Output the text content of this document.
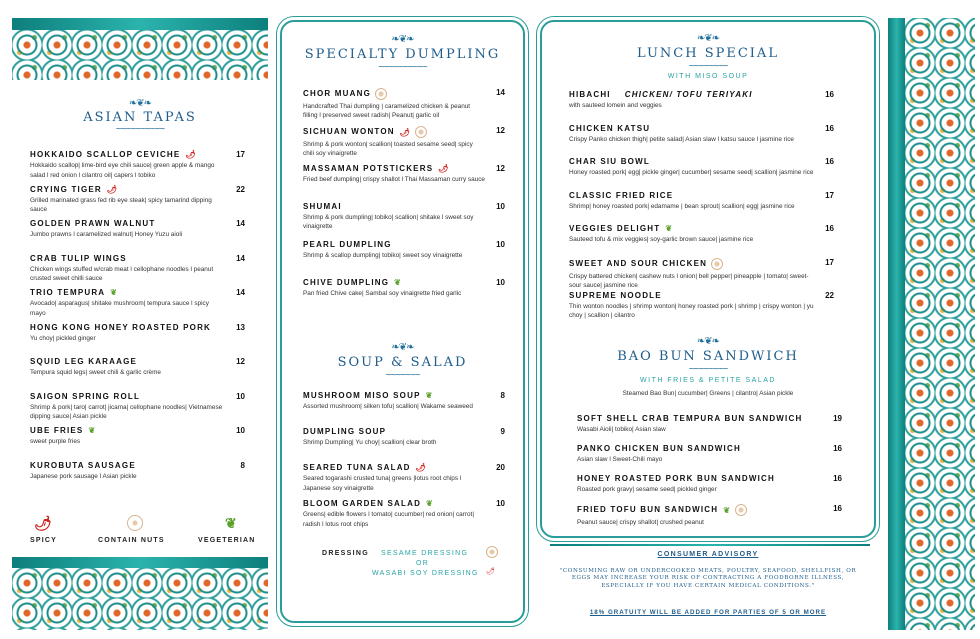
❧❦❧
ASIAN TAPAS
~~~~~~~~~~
HOKKAIDO SCALLOP CEVICHE 🌶	17
Hokkaido scallop| lime-bird eye chili sauce| green apple & mango salad l red onion l cilantro oil| capers l tobiko
CRYING TIGER 🌶	22
Grilled marinated grass fed rib eye steak| spicy tamarind dipping sauce
GOLDEN PRAWN WALNUT	14
Jumbo prawns l caramelized walnut| Honey Yuzu aioli
CRAB TULIP WINGS	14
Chicken wings stuffed w/crab meat l cellophane noodles l peanut crusted sweet chilli sauce
TRIO TEMPURA ❦	14
Avocado| asparagus| shitake mushroom| tempura sauce l spicy mayo
HONG KONG HONEY ROASTED PORK	13
Yu choy| pickled ginger
SQUID LEG KARAAGE	12
Tempura squid legs| sweet chili & garlic crème
SAIGON SPRING ROLL	10
Shrimp & pork| taro| carrot| jicama| cellophane noodles| Vietnamese dipping sauce| Asian pickle
UBE FRIES ❦	10
sweet purple fries
KUROBUTA SAUSAGE	8
Japanese pork sausage l Asian pickle
🌶
SPICY	CONTAIN NUTS
❦
VEGETERIAN
❧❦❧
SPECIALTY DUMPLING
~~~~~~~~~~
CHOR MUANG	14
Handcrafted Thai dumpling | caramelized chicken & peanut filling l preserved sweet radish| Peanut| garlic oil
SICHUAN WONTON 🌶	12
Shrimp & pork wonton| scallion| toasted sesame seed| spicy chili soy vinaigrette
MASSAMAN POTSTICKERS 🌶	12
Fried beef dumpling| crispy shallot l Thai Massaman curry sauce
SHUMAI	10
Shrimp & pork dumpling| tobiko| scallion| shitake l sweet soy vinaigrette
PEARL DUMPLING	10
Shrimp & scallop dumpling| tobiko| sweet soy vinaigrette
CHIVE DUMPLING ❦	10
Pan fried Chive cake| Sambal soy vinaigrette fried garlic
❧❦❧
SOUP & SALAD
~~~~~~~
MUSHROOM MISO SOUP ❦	8
Assorted mushroom| silken tofu| scallion| Wakame seaweed
DUMPLING SOUP	9
Shrimp Dumpling| Yu choy| scallion| clear broth
SEARED TUNA SALAD 🌶	20
Seared togarashi crusted tuna| greens |lotus root chips l Japanese soy vinaigrette
BLOOM GARDEN SALAD ❦	10
Greens| edible flowers l tomato| cucumber| red onion| carrot| radish l lotus root chips
DRESSING SESAME DRESSING
OR
WASABI SOY DRESSING 🌶
❧❦❧
LUNCH SPECIAL
~~~~~~~~
WITH MISO SOUP
HIBACHI CHICKEN/ TOFU TERIYAKI	16
with sauteed lomein and veggies
CHICKEN KATSU	16
Crispy Panko chicken thigh| petite salad| Asian slaw l katsu sauce l jasmine rice
CHAR SIU BOWL	16
Honey roasted pork| egg| pickle ginger| cucumber| sesame seed| scallion| jasmine rice
CLASSIC FRIED RICE	17
Shrimp| honey roasted pork| edamame | bean sprout| scallion| egg| jasmine rice
VEGGIES DELIGHT ❦	16
Sauteed tofu & mix veggies| soy-garlic brown sauce| jasmine rice
SWEET AND SOUR CHICKEN	17
Crispy battered chicken| cashew nuts l onion| bell pepper| pineapple | tomato| sweet-sour sauce| jasmine rice
SUPREME NOODLE	22
Thin wonton noodles | shrimp wonton| honey roasted pork | shrimp | crispy wonton | yu choy | scallion | cilantro
❧❦❧
BAO BUN SANDWICH
~~~~~~~~
WITH FRIES & PETITE SALAD
Steamed Bao Bun| cucumber| Greens | cilantro| Asian pickle
SOFT SHELL CRAB TEMPURA BUN SANDWICH	19
Wasabi Aioli| tobiko| Asian slaw
PANKO CHICKEN BUN SANDWICH	16
Asian slaw l Sweet-Chili mayo
HONEY ROASTED PORK BUN SANDWICH	16
Roasted pork gravy| sesame seed| pickled ginger
FRIED TOFU BUN SANDWICH ❦	16
Peanut sauce| crispy shallot| crushed peanut
CONSUMER ADVISORY
"CONSUMING RAW OR UNDERCOOKED MEATS, POULTRY, SEAFOOD, SHELLFISH, OR EGGS MAY INCREASE YOUR RISK OF CONTRACTING A FOODBORNE ILLNESS, ESPECIALLY IF YOU HAVE CERTAIN MEDICAL CONDITIONS."
18% GRATUITY WILL BE ADDED FOR PARTIES OF 5 OR MORE
